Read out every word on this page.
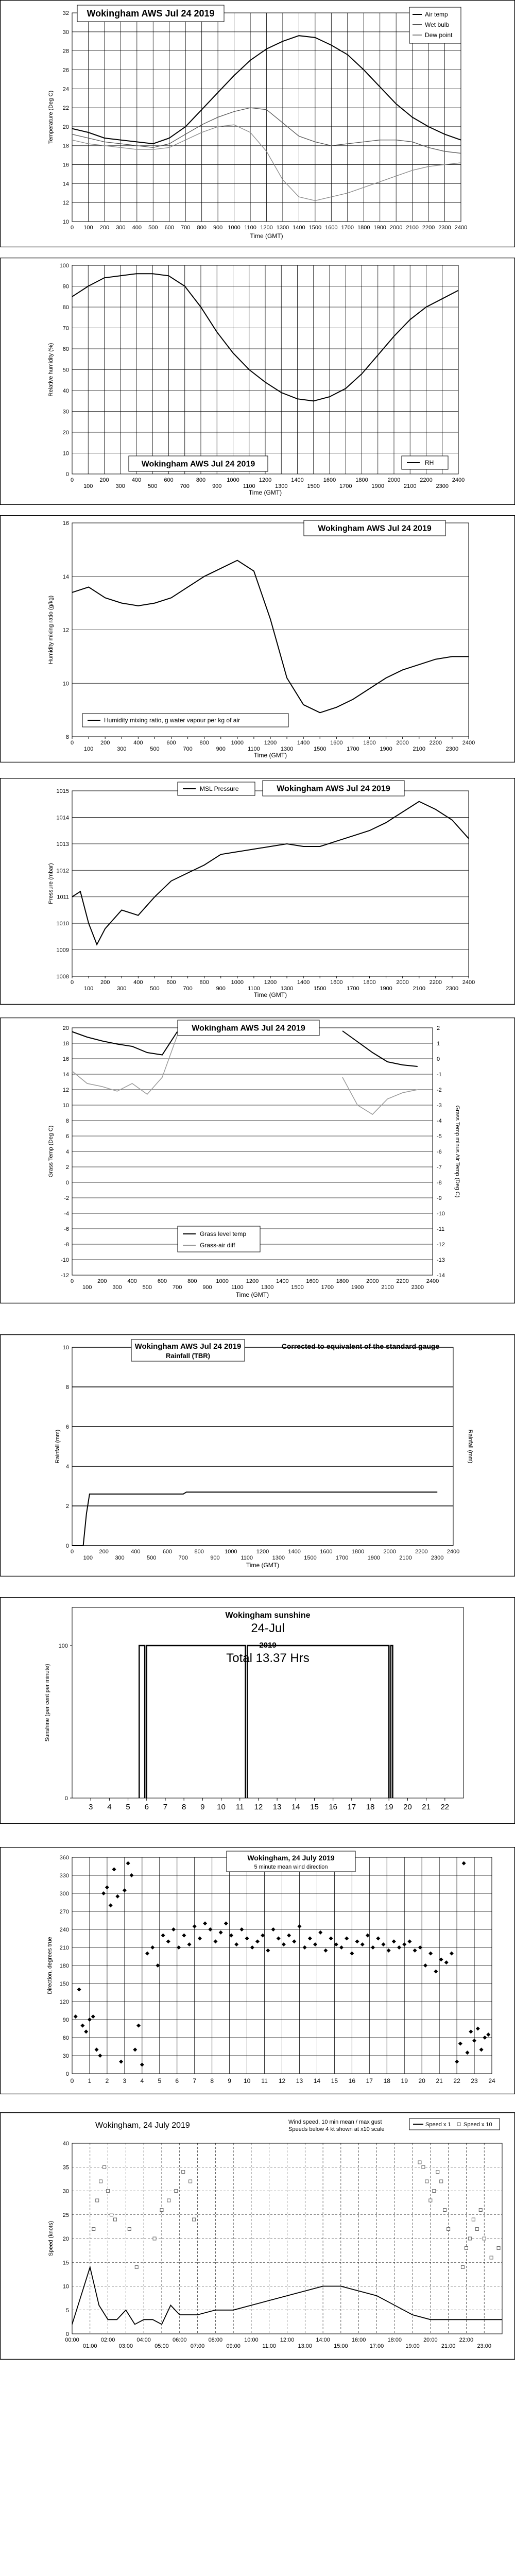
10
12
14
16
18
20
22
24
26
28
30
32
0 100 200 300 400 500 600 700 800 900 1000 1100 1200 1300 1400 1500 1600 1700 1800 1900 2000 2100 2200 2300 2400
Time (GMT)
Temperature (Deg C)
Wokingham AWS Jul 24 2019	Air temp
Wet bulb
Dew point
0
10
20
30
40
50
60
70
80
90
100
0
100
200
300
400
500
600
700
800
900
1000
1100
1200
1300
1400
1500
1600
1700
1800
1900
2000
2100
2200
2300
2400
Time (GMT)
Relative humidity (%)
Wokingham AWS Jul 24 2019	RH
8
10
12
14
16
0
100
200
300
400
500
600
700
800
900
1000
1100
1200
1300
1400
1500
1600
1700
1800
1900
2000
2100
2200
2300
2400
Time (GMT)
Humidity mixing ratio (g/kg)
Wokingham AWS Jul 24 2019
Humidity mixing ratio, g water vapour per kg of air
1008
1009
1010
1011
1012
1013
1014
1015
0
100
200
300
400
500
600
700
800
900
1000
1100
1200
1300
1400
1500
1600
1700
1800
1900
2000
2100
2200
2300
2400
Time (GMT)
Pressure (mbar)
MSL Pressure	Wokingham AWS Jul 24 2019
-12
-10
-8
-6
-4
-2
0
2
4
6
8
10
12
14
16
18
20
-14
-13
-12
-11
-10
-9
-8
-7
-6
-5
-4
-3
-2
-1
0
1
2
0
100
200
300
400
500
600
700
800
900
1000
1100
1200
1300
1400
1500
1600
1700
1800
1900
2000
2100
2200
2300
2400
Time (GMT)
Grass Temp (Deg C)	Grass Temp minus Air Temp (Deg C)
Wokingham AWS Jul 24 2019
Grass level temp
Grass-air diff
0
2
4
6
8
10
0
100
200
300
400
500
600
700
800
900
1000
1100
1200
1300
1400
1500
1600
1700
1800
1900
2000
2100
2200
2300
2400
Time (GMT)
Rainfall (mm)	Rainfall (mm)
Wokingham AWS Jul 24 2019
Rainfall (TBR)
Corrected to equivalent of the standard gauge
0
100
3 4 5 6 7 8 9 10 11 12 13 14 15 16 17 18 19 20 21 22
Sunshine (per cent per minute)
Wokingham sunshine
24-Jul
2019
Total 13.37 Hrs
0
30
60
90
120
150
180
210
240
270
300
330
360
0 1 2 3 4 5 6 7 8 9 10 11 12 13 14 15 16 17 18 19 20 21 22 23 24
Direction, degrees true
Wokingham, 24 July 2019
5 minute mean wind direction
0
5
10
15
20
25
30
35
40
00:00
01:00
02:00
03:00
04:00
05:00
06:00
07:00
08:00
09:00
10:00
11:00
12:00
13:00
14:00
15:00
16:00
17:00
18:00
19:00
20:00
21:00
22:00
23:00
Speed (knots)
Wokingham, 24 July 2019	Wind speed, 10 min mean / max gust
Speeds below 4 kt shown at x10 scale
Speed x 1 Speed x 10
